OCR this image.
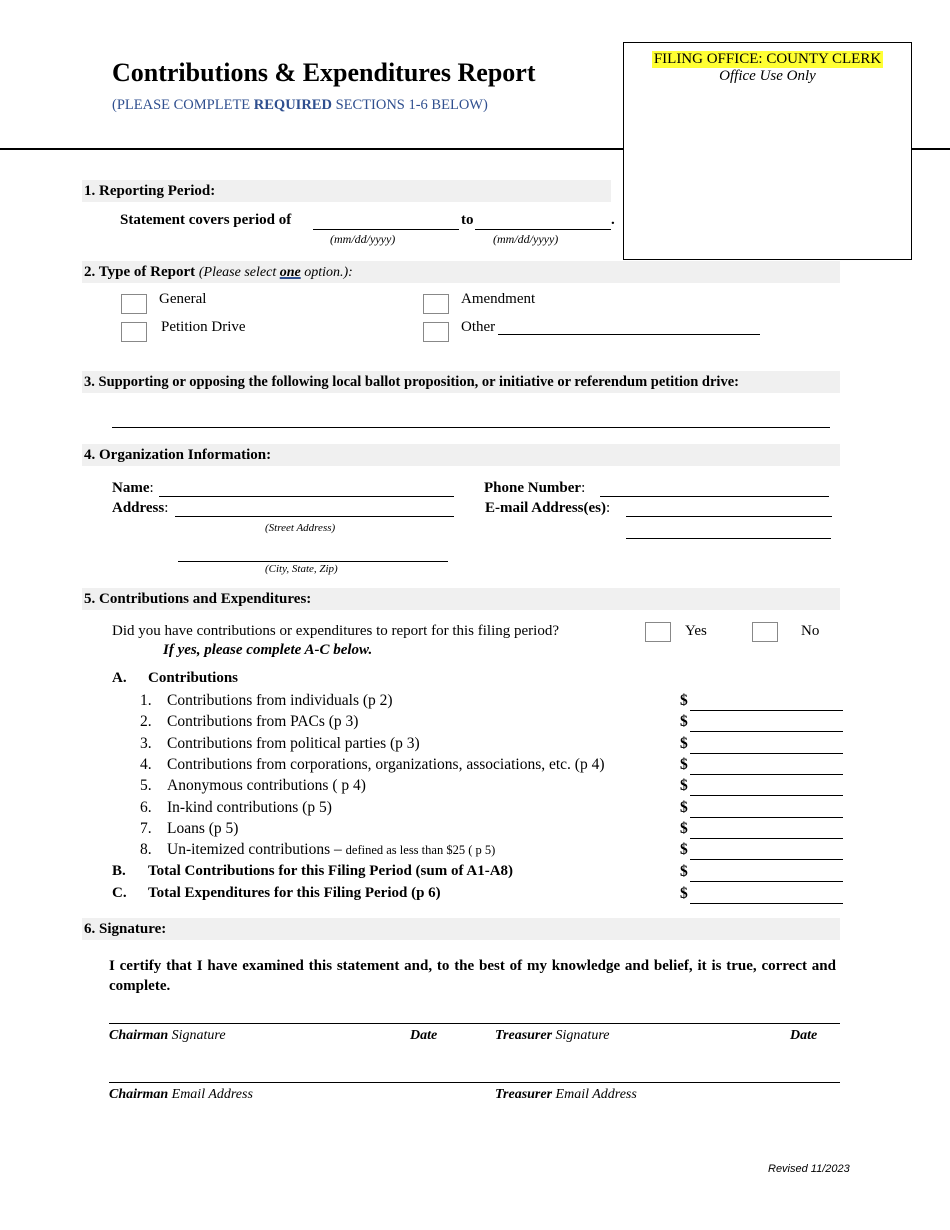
Contributions & Expenditures Report
(PLEASE COMPLETE REQUIRED SECTIONS 1-6 BELOW)
FILING OFFICE: COUNTY CLERK
Office Use Only
1. Reporting Period:
Statement covers period of	to	.
(mm/dd/yyyy)	(mm/dd/yyyy)
2. Type of Report (Please select one option.):
General
Petition Drive
Amendment
Other
3. Supporting or opposing the following local ballot proposition, or initiative or referendum petition drive:
4. Organization Information:
Name:
Address:
(Street Address)
(City, State, Zip)
Phone Number:
E-mail Address(es):
5. Contributions and Expenditures:
Did you have contributions or expenditures to report for this filing period?	Yes	No
If yes, please complete A-C below.
A. Contributions
1. Contributions from individuals (p 2)	$
2. Contributions from PACs (p 3)	$
3. Contributions from political parties (p 3)	$
4. Contributions from corporations, organizations, associations, etc. (p 4)	$
5. Anonymous contributions ( p 4)	$
6. In-kind contributions (p 5)	$
7. Loans (p 5)	$
8. Un-itemized contributions – defined as less than $25 ( p 5)	$
B. Total Contributions for this Filing Period (sum of A1-A8)	$
C. Total Expenditures for this Filing Period (p 6)	$
6. Signature:
I certify that I have examined this statement and, to the best of my knowledge and belief, it is true, correct and complete.
Chairman Signature	Date	Treasurer Signature	Date
Chairman Email Address	Treasurer Email Address
Revised 11/2023
